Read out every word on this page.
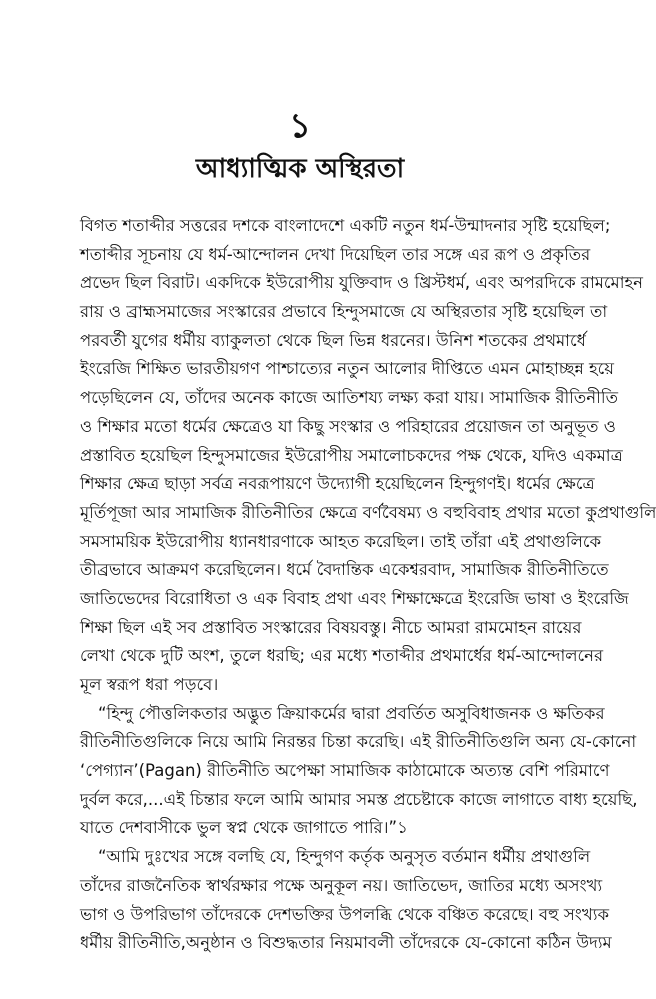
১
আধ্যাত্মিক অস্থিরতা
বিগত শতাব্দীর সত্তরের দশকে বাংলাদেশে একটি নতুন ধর্ম-উন্মাদনার সৃষ্টি হয়েছিল;
শতাব্দীর সূচনায় যে ধর্ম-আন্দোলন দেখা দিয়েছিল তার সঙ্গে এর রূপ ও প্রকৃতির
প্রভেদ ছিল বিরাট। একদিকে ইউরোপীয় যুক্তিবাদ ও খ্রিস্টধর্ম, এবং অপরদিকে রামমোহন
রায় ও ব্রাহ্মসমাজের সংস্কারের প্রভাবে হিন্দুসমাজে যে অস্থিরতার সৃষ্টি হয়েছিল তা
পরবর্তী যুগের ধর্মীয় ব্যাকুলতা থেকে ছিল ভিন্ন ধরনের। উনিশ শতকের প্রথমার্ধে
ইংরেজি শিক্ষিত ভারতীয়গণ পাশ্চাত্যের নতুন আলোর দীপ্তিতে এমন মোহাচ্ছন্ন হয়ে
পড়েছিলেন যে, তাঁদের অনেক কাজে আতিশয্য লক্ষ্য করা যায়। সামাজিক রীতিনীতি
ও শিক্ষার মতো ধর্মের ক্ষেত্রেও যা কিছু সংস্কার ও পরিহারের প্রয়োজন তা অনুভূত ও
প্রস্তাবিত হয়েছিল হিন্দুসমাজের ইউরোপীয় সমালোচকদের পক্ষ থেকে, যদিও একমাত্র
শিক্ষার ক্ষেত্র ছাড়া সর্বত্র নবরূপায়ণে উদ্যোগী হয়েছিলেন হিন্দুগণই। ধর্মের ক্ষেত্রে
মূর্তিপূজা আর সামাজিক রীতিনীতির ক্ষেত্রে বর্ণবৈষম্য ও বহুবিবাহ প্রথার মতো কুপ্রথাগুলি
সমসাময়িক ইউরোপীয় ধ্যানধারণাকে আহত করেছিল। তাই তাঁরা এই প্রথাগুলিকে
তীব্রভাবে আক্রমণ করেছিলেন। ধর্মে বৈদান্তিক একেশ্বরবাদ, সামাজিক রীতিনীতিতে
জাতিভেদের বিরোধিতা ও এক বিবাহ প্রথা এবং শিক্ষাক্ষেত্রে ইংরেজি ভাষা ও ইংরেজি
শিক্ষা ছিল এই সব প্রস্তাবিত সংস্কারের বিষয়বস্তু। নীচে আমরা রামমোহন রায়ের
লেখা থেকে দুটি অংশ, তুলে ধরছি; এর মধ্যে শতাব্দীর প্রথমার্ধের ধর্ম-আন্দোলনের
মূল স্বরূপ ধরা পড়বে।
“হিন্দু পৌত্তলিকতার অদ্ভুত ক্রিয়াকর্মের দ্বারা প্রবর্তিত অসুবিধাজনক ও ক্ষতিকর
রীতিনীতিগুলিকে নিয়ে আমি নিরন্তর চিন্তা করেছি। এই রীতিনীতিগুলি অন্য যে-কোনো
‘পেগ্যান’(Pagan) রীতিনীতি অপেক্ষা সামাজিক কাঠামোকে অত্যন্ত বেশি পরিমাণে
দুর্বল করে,...এই চিন্তার ফলে আমি আমার সমস্ত প্রচেষ্টাকে কাজে লাগাতে বাধ্য হয়েছি,
যাতে দেশবাসীকে ভুল স্বপ্ন থেকে জাগাতে পারি।”১
“আমি দুঃখের সঙ্গে বলছি যে, হিন্দুগণ কর্তৃক অনুসৃত বর্তমান ধর্মীয় প্রথাগুলি
তাঁদের রাজনৈতিক স্বার্থরক্ষার পক্ষে অনুকূল নয়। জাতিভেদ, জাতির মধ্যে অসংখ্য
ভাগ ও উপরিভাগ তাঁদেরকে দেশভক্তির উপলব্ধি থেকে বঞ্চিত করেছে। বহু সংখ্যক
ধর্মীয় রীতিনীতি,অনুষ্ঠান ও বিশুদ্ধতার নিয়মাবলী তাঁদেরকে যে-কোনো কঠিন উদ্যম
